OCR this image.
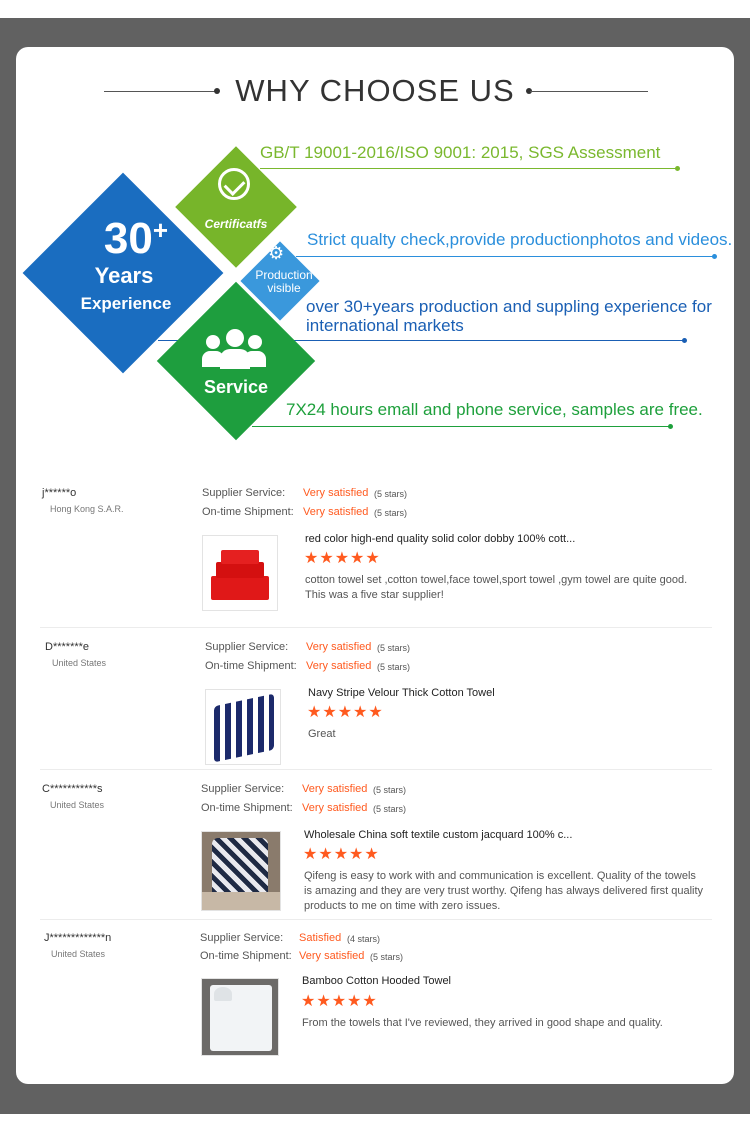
WHY CHOOSE US
30+
Years
Experience
Certificatfs
⚙
Production
visible
Service
GB/T 19001-2016/ISO 9001: 2015, SGS Assessment
Strict qualty check,provide productionphotos and videos.
over 30+years production and suppling experience for
international markets
7X24 hours emall and phone service, samples are free.
j******o
Hong Kong S.A.R.
Supplier Service: Very satisfied (5 stars)
On-time Shipment: Very satisfied (5 stars)
red color high-end quality solid color dobby 100% cott...
★★★★★
cotton towel set ,cotton towel,face towel,sport towel ,gym towel are quite good. This was a five star supplier!
D*******e
United States
Supplier Service: Very satisfied (5 stars)
On-time Shipment: Very satisfied (5 stars)
Navy Stripe Velour Thick Cotton Towel
★★★★★
Great
C***********s
United States
Supplier Service: Very satisfied (5 stars)
On-time Shipment: Very satisfied (5 stars)
Wholesale China soft textile custom jacquard 100% c...
★★★★★
Qifeng is easy to work with and communication is excellent. Quality of the towels is amazing and they are very trust worthy. Qifeng has always delivered first quality products to me on time with zero issues.
J*************n
United States
Supplier Service: Satisfied (4 stars)
On-time Shipment: Very satisfied (5 stars)
Bamboo Cotton Hooded Towel
★★★★★
From the towels that I've reviewed, they arrived in good shape and quality.
